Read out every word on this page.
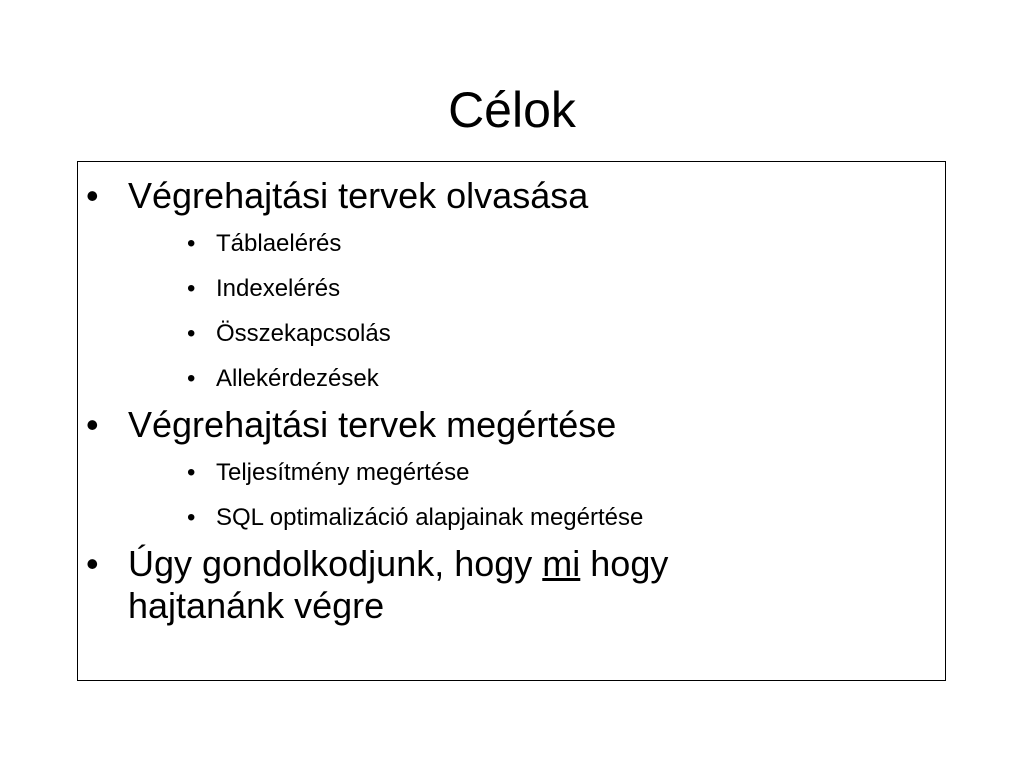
Célok
• Végrehajtási tervek olvasása
• Táblaelérés
• Indexelérés
• Összekapcsolás
• Allekérdezések
• Végrehajtási tervek megértése
• Teljesítmény megértése
• SQL optimalizáció alapjainak megértése
• Úgy gondolkodjunk, hogy mi hogy
hajtanánk végre
